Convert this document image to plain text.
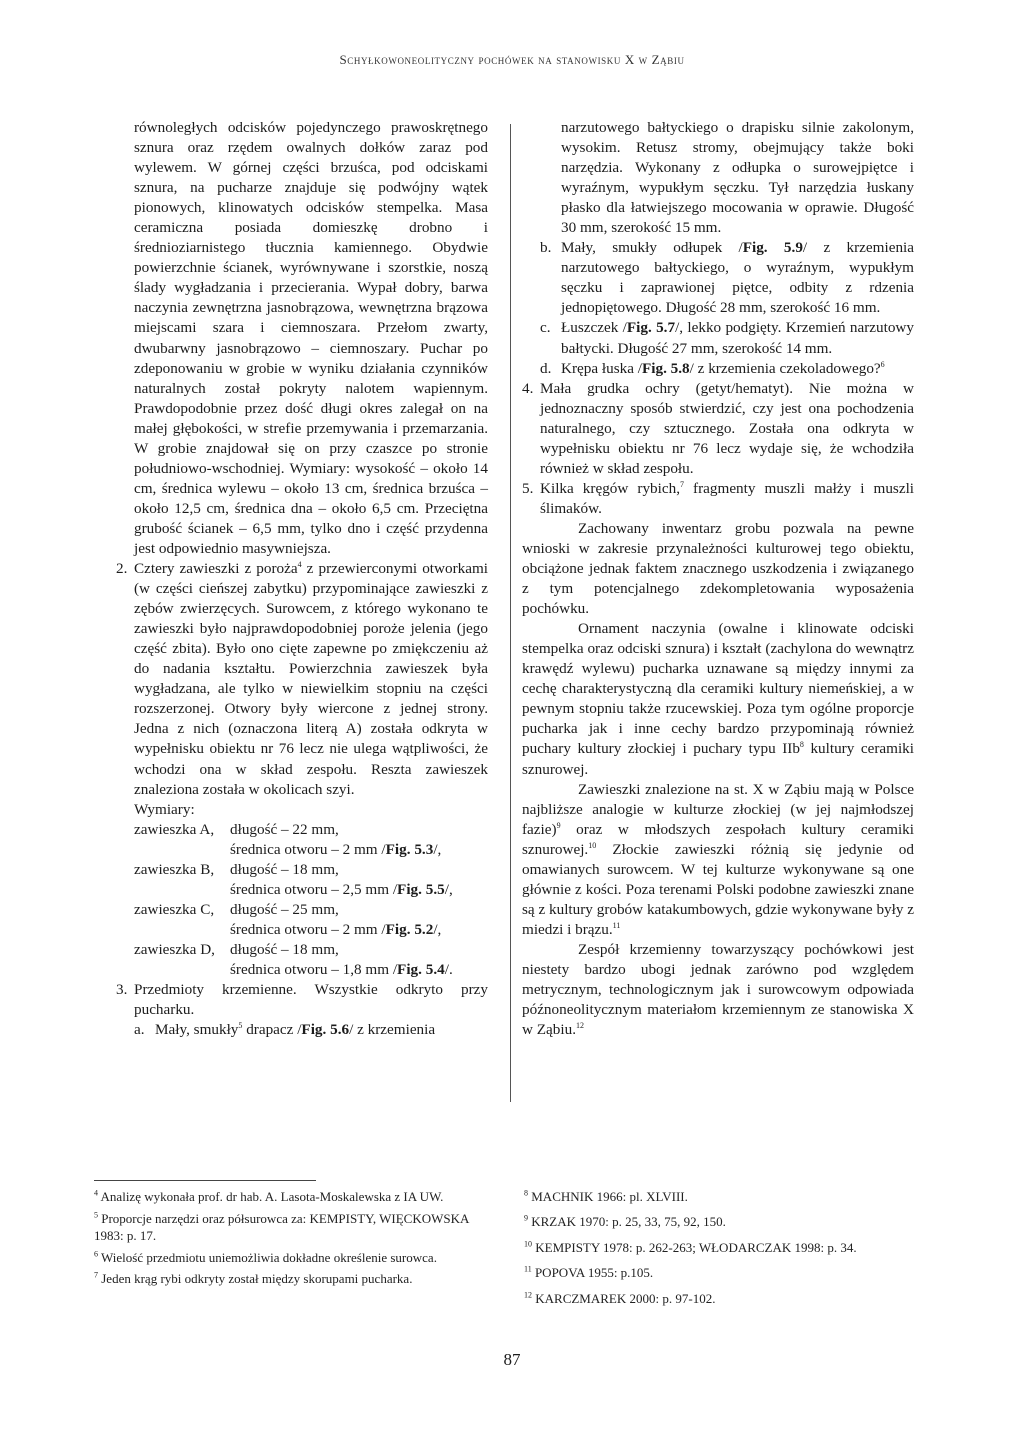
Schyłkowoneolityczny pochówek na stanowisku X w Ząbiu

równoległych odcisków pojedynczego prawoskrętnego sznura oraz rzędem owalnych dołków zaraz pod wylewem. W górnej części brzuśca, pod odciskami sznura, na pucharze znajduje się podwójny wątek pionowych, klinowatych odcisków stempelka. Masa ceramiczna posiada domieszkę drobno i średnioziarnistego tłucznia kamiennego. Obydwie powierzchnie ścianek, wyrównywane i szorstkie, noszą ślady wygładzania i przecierania. Wypał dobry, barwa naczynia zewnętrzna jasnobrązowa, wewnętrzna brązowa miejscami szara i ciemnoszara. Przełom zwarty, dwubarwny jasnobrązowo – ciemnoszary. Puchar po zdeponowaniu w grobie w wyniku działania czynników naturalnych został pokryty nalotem wapiennym. Prawdopodobnie przez dość długi okres zalegał on na małej głębokości, w strefie przemywania i przemarzania. W grobie znajdował się on przy czaszce po stronie południowo-wschodniej. Wymiary: wysokość – około 14 cm, średnica wylewu – około 13 cm, średnica brzuśca – około 12,5 cm, średnica dna – około 6,5 cm. Przeciętna grubość ścianek – 6,5 mm, tylko dno i część przydenna jest odpowiednio masywniejsza.

2. Cztery zawieszki z poroża$^4$ z przewierconymi otworkami (w części cieńszej zabytku) przypominające zawieszki z zębów zwierzęcych. Surowcem, z którego wykonano te zawieszki było najprawdopodobniej poroże jelenia (jego część zbita). Było ono cięte zapewne po zmiękczeniu aż do nadania kształtu. Powierzchnia zawieszek była wygładzana, ale tylko w niewielkim stopniu na części rozszerzonej. Otwory były wiercone z jednej strony. Jedna z nich (oznaczona literą A) została odkryta w wypełnisku obiektu nr 76 lecz nie ulega wątpliwości, że wchodzi ona w skład zespołu. Reszta zawieszek znaleziona została w okolicach szyi.
Wymiary:
zawieszka A,	długość – 22 mm,
średnica otworu – 2 mm /Fig. 5.3/,
zawieszka B,	długość – 18 mm,
średnica otworu – 2,5 mm /Fig. 5.5/,
zawieszka C,	długość – 25 mm,
średnica otworu – 2 mm /Fig. 5.2/,
zawieszka D, długość – 18 mm,
średnica otworu – 1,8 mm /Fig. 5.4/.
3. Przedmioty krzemienne. Wszystkie odkryto przy pucharku.
a. Mały, smukły$^5$ drapacz /Fig. 5.6/ z krzemienia
narzutowego bałtyckiego o drapisku silnie zakolonym, wysokim. Retusz stromy, obejmujący także boki narzędzia. Wykonany z odłupka o surowejpiętce i wyraźnym, wypukłym sęczku. Tył narzędzia łuskany płasko dla łatwiejszego mocowania w oprawie. Długość 30 mm, szerokość 15 mm.
b. Mały, smukły odłupek /Fig. 5.9/ z krzemienia narzutowego bałtyckiego, o wyraźnym, wypukłym sęczku i zaprawionej piętce, odbity z rdzenia jednopiętowego. Długość 28 mm, szerokość 16 mm.
c. Łuszczek /Fig. 5.7/, lekko podgięty. Krzemień narzutowy bałtycki. Długość 27 mm, szerokość 14 mm.
d. Krępa łuska /Fig. 5.8/ z krzemienia czekoladowego?$^6$
4. Mała grudka ochry (getyt/hematyt). Nie można w jednoznaczny sposób stwierdzić, czy jest ona pochodzenia naturalnego, czy sztucznego. Została ona odkryta w wypełnisku obiektu nr 76 lecz wydaje się, że wchodziła również w skład zespołu.
5. Kilka kręgów rybich,$^7$ fragmenty muszli małży i muszli ślimaków.

Zachowany inwentarz grobu pozwala na pewne wnioski w zakresie przynależności kulturowej tego obiektu, obciążone jednak faktem znacznego uszkodzenia i związanego z tym potencjalnego zdekompletowania wyposażenia pochówku.

Ornament naczynia (owalne i klinowate odciski stempelka oraz odciski sznura) i kształt (zachylona do wewnątrz krawędź wylewu) pucharka uznawane są między innymi za cechę charakterystyczną dla ceramiki kultury niemeńskiej, a w pewnym stopniu także rzucewskiej. Poza tym ogólne proporcje pucharka jak i inne cechy bardzo przypominają również puchary kultury złockiej i puchary typu IIb$^8$ kultury ceramiki sznurowej.

Zawieszki znalezione na st. X w Ząbiu mają w Polsce najbliższe analogie w kulturze złockiej (w jej najmłodszej fazie)$^9$ oraz w młodszych zespołach kultury ceramiki sznurowej.$^{10}$ Złockie zawieszki różnią się jedynie od omawianych surowcem. W tej kulturze wykonywane są one głównie z kości. Poza terenami Polski podobne zawieszki znane są z kultury grobów katakumbowych, gdzie wykonywane były z miedzi i brązu.$^{11}$

Zespół krzemienny towarzyszący pochówkowi jest niestety bardzo ubogi jednak zarówno pod względem metrycznym, technologicznym jak i surowcowym odpowiada późnoneolitycznym materiałom krzemiennym ze stanowiska X w Ząbiu.$^{12}$

$^4$ Analizę wykonała prof. dr hab. A. Lasota-Moskalewska z IA UW.
$^5$ Proporcje narzędzi oraz półsurowca za: KEMPISTY, WIĘCKOWSKA 1983: p. 17.
$^6$ Wielość przedmiotu uniemożliwia dokładne określenie surowca.
$^7$ Jeden krąg rybi odkryty został między skorupami pucharka.
$^8$ MACHNIK 1966: pl. XLVIII.
$^9$ KRZAK 1970: p. 25, 33, 75, 92, 150.
$^{10}$ KEMPISTY 1978: p. 262-263; WŁODARCZAK 1998: p. 34.
$^{11}$ POPOVA 1955: p.105.
$^{12}$ KARCZMAREK 2000: p. 97-102.
87
